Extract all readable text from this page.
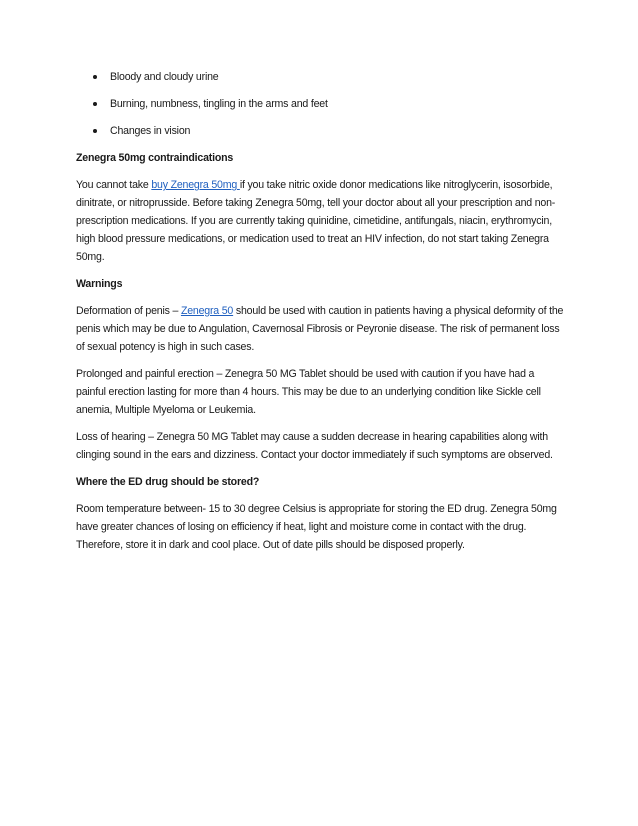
Bloody and cloudy urine
Burning, numbness, tingling in the arms and feet
Changes in vision
Zenegra 50mg contraindications

You cannot take buy Zenegra 50mg if you take nitric oxide donor medications like nitroglycerin, isosorbide, dinitrate, or nitroprusside. Before taking Zenegra 50mg, tell your doctor about all your prescription and non-prescription medications. If you are currently taking quinidine, cimetidine, antifungals, niacin, erythromycin, high blood pressure medications, or medication used to treat an HIV infection, do not start taking Zenegra 50mg.

Warnings

Deformation of penis – Zenegra 50 should be used with caution in patients having a physical deformity of the penis which may be due to Angulation, Cavernosal Fibrosis or Peyronie disease. The risk of permanent loss of sexual potency is high in such cases.

Prolonged and painful erection – Zenegra 50 MG Tablet should be used with caution if you have had a painful erection lasting for more than 4 hours. This may be due to an underlying condition like Sickle cell anemia, Multiple Myeloma or Leukemia.

Loss of hearing – Zenegra 50 MG Tablet may cause a sudden decrease in hearing capabilities along with clinging sound in the ears and dizziness. Contact your doctor immediately if such symptoms are observed.

Where the ED drug should be stored?

Room temperature between- 15 to 30 degree Celsius is appropriate for storing the ED drug. Zenegra 50mg have greater chances of losing on efficiency if heat, light and moisture come in contact with the drug. Therefore, store it in dark and cool place. Out of date pills should be disposed properly.
